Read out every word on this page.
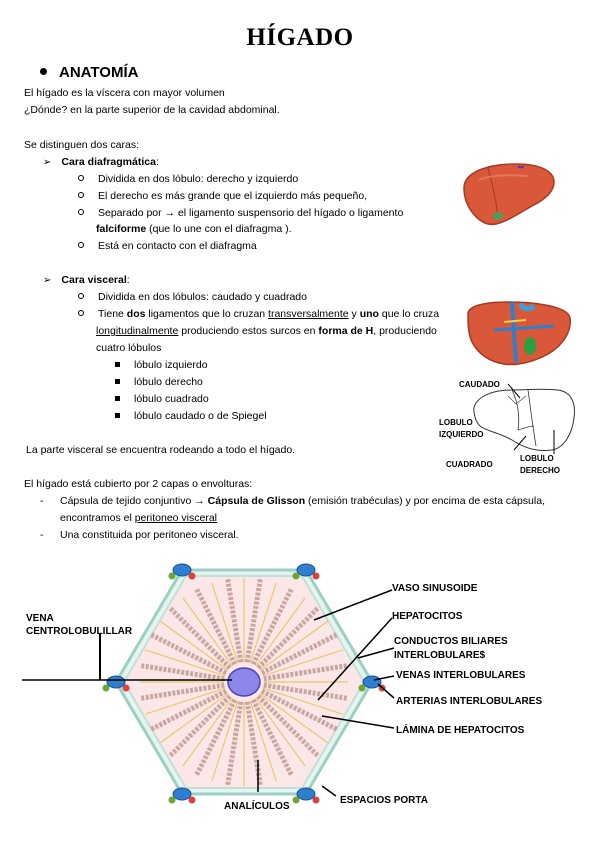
HÍGADO
ANATOMÍA
El hígado es la víscera con mayor volumen
¿Dónde? en la parte superior de la cavidad abdominal.
Se distinguen dos caras:
➢ Cara diafragmática:
Dividida en dos lóbulo: derecho y izquierdo
El derecho es más grande que el izquierdo más pequeño,
Separado por → el ligamento suspensorio del hígado o ligamento
falciforme (que lo une con el diafragma ).
Está en contacto con el diafragma
➢ Cara visceral:
Dividida en dos lóbulos: caudado y cuadrado
Tiene dos ligamentos que lo cruzan transversalmente y uno que lo cruza
longitudinalmente produciendo estos surcos en forma de H, produciendo
cuatro lóbulos
lóbulo izquierdo
lóbulo derecho
lóbulo cuadrado
lóbulo caudado o de Spiegel
La parte visceral se encuentra rodeando a todo el hígado.
El hígado está cubierto por 2 capas o envolturas:
- Cápsula de tejido conjuntivo → Cápsula de Glisson (emisión trabéculas) y por encima de esta cápsula,
encontramos el peritoneo visceral
- Una constituida por peritoneo visceral.
CAUDADO
LOBULO
IZQUIERDO
CUADRADO
LOBULO
DERECHO
VENA
CENTROLOBULILLAR
VASO SINUSOIDE
HEPATOCITOS
CONDUCTOS BILIARES
INTERLOBULARE$
VENAS INTERLOBULARES
ARTERIAS INTERLOBULARES
LÁMINA DE HEPATOCITOS
ANALÍCULOS
ESPACIOS PORTA
